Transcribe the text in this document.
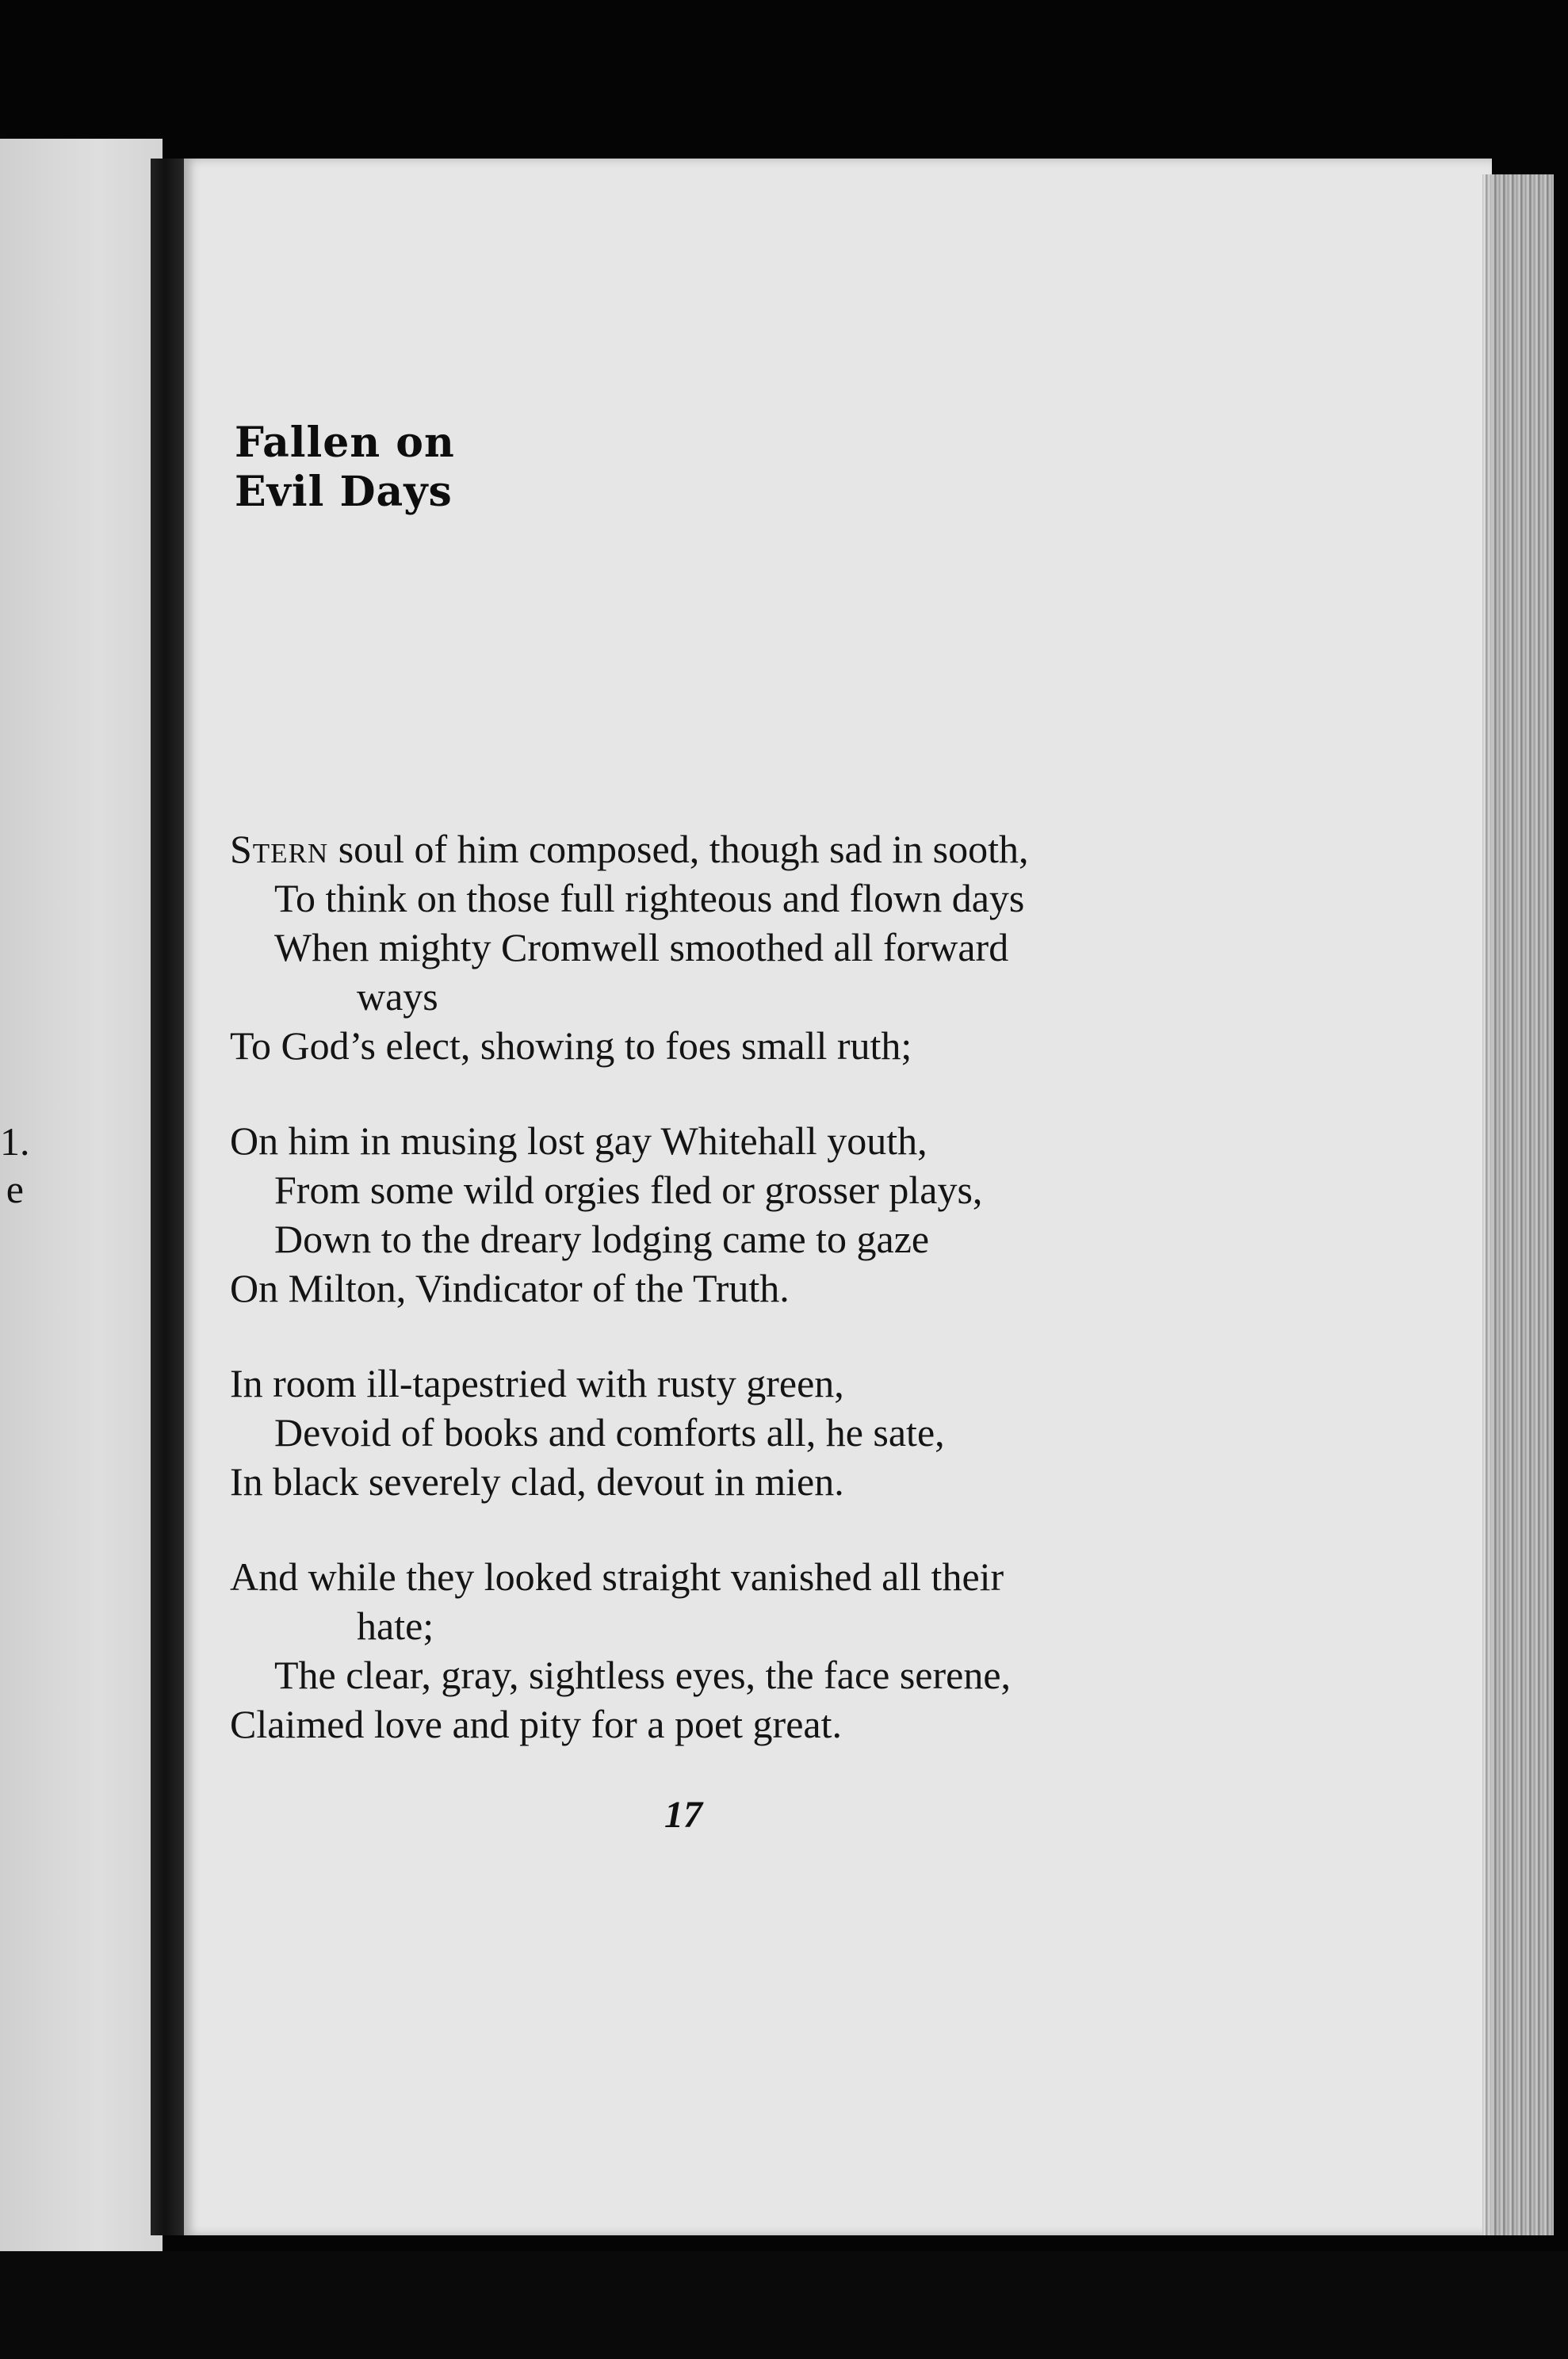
1.
e
Fallen on
Evil Days
Stern soul of him composed, though sad in sooth,
To think on those full righteous and flown days
When mighty Cromwell smoothed all forward
ways
To God’s elect, showing to foes small ruth;
On him in musing lost gay Whitehall youth,
From some wild orgies fled or grosser plays,
Down to the dreary lodging came to gaze
On Milton, Vindicator of the Truth.
In room ill-tapestried with rusty green,
Devoid of books and comforts all, he sate,
In black severely clad, devout in mien.
And while they looked straight vanished all their
hate;
The clear, gray, sightless eyes, the face serene,
Claimed love and pity for a poet great.
17
